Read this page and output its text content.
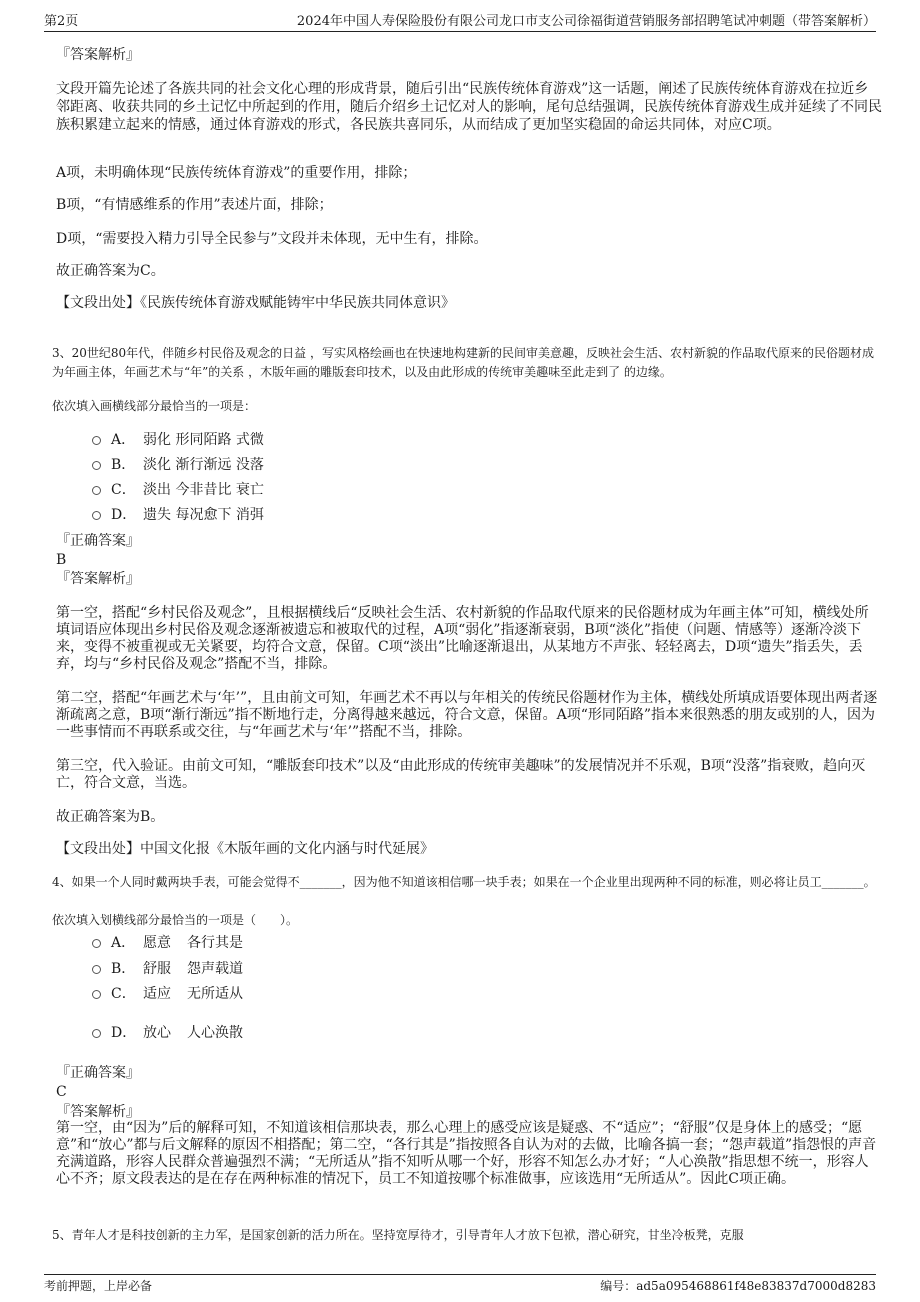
第2页	2024年中国人寿保险股份有限公司龙口市支公司徐福街道营销服务部招聘笔试冲刺题（带答案解析）
『答案解析』
文段开篇先论述了各族共同的社会文化心理的形成背景，随后引出“民族传统体育游戏”这一话题，阐述了民族传统体育游戏在拉近乡邻距离、收获共同的乡土记忆中所起到的作用，随后介绍乡土记忆对人的影响，尾句总结强调，民族传统体育游戏生成并延续了不同民族积累建立起来的情感，通过体育游戏的形式，各民族共喜同乐，从而结成了更加坚实稳固的命运共同体，对应C项。
A项，未明确体现“民族传统体育游戏”的重要作用，排除；
B项，“有情感维系的作用”表述片面，排除；
D项，“需要投入精力引导全民参与”文段并未体现，无中生有，排除。
故正确答案为C。
【文段出处】《民族传统体育游戏赋能铸牢中华民族共同体意识》
3、20世纪80年代，伴随乡村民俗及观念的日益 ，写实风格绘画也在快速地构建新的民间审美意趣，反映社会生活、农村新貌的作品取代原来的民俗题材成为年画主体，年画艺术与“年”的关系 ，木版年画的雕版套印技术，以及由此形成的传统审美趣味至此走到了 的边缘。
依次填入画横线部分最恰当的一项是：
A． 弱化 形同陌路 式微
B． 淡化 渐行渐远 没落
C． 淡出 今非昔比 衰亡
D． 遗失 每况愈下 消弭
『正确答案』
B
『答案解析』
第一空，搭配“乡村民俗及观念”，且根据横线后“反映社会生活、农村新貌的作品取代原来的民俗题材成为年画主体”可知，横线处所填词语应体现出乡村民俗及观念逐渐被遗忘和被取代的过程，A项“弱化”指逐渐衰弱，B项“淡化”指使（问题、情感等）逐渐冷淡下来，变得不被重视或无关紧要，均符合文意，保留。C项“淡出”比喻逐渐退出，从某地方不声张、轻轻离去，D项“遗失”指丢失，丢弃，均与“乡村民俗及观念”搭配不当，排除。
第二空，搭配“年画艺术与‘年’”，且由前文可知，年画艺术不再以与年相关的传统民俗题材作为主体，横线处所填成语要体现出两者逐渐疏离之意，B项“渐行渐远”指不断地行走，分离得越来越远，符合文意，保留。A项“形同陌路”指本来很熟悉的朋友或别的人，因为一些事情而不再联系或交往，与“年画艺术与‘年’”搭配不当，排除。
第三空，代入验证。由前文可知，“雕版套印技术”以及“由此形成的传统审美趣味”的发展情况并不乐观，B项“没落”指衰败，趋向灭亡，符合文意，当选。
故正确答案为B。
【文段出处】中国文化报《木版年画的文化内涵与时代延展》
4、如果一个人同时戴两块手表，可能会觉得不_______，因为他不知道该相信哪一块手表；如果在一个企业里出现两种不同的标准，则必将让员工_______。
依次填入划横线部分最恰当的一项是（　　）。
A． 愿意	各行其是
B． 舒服	怨声载道
C． 适应	无所适从
D． 放心	人心涣散
『正确答案』
C
『答案解析』
第一空，由“因为”后的解释可知，不知道该相信那块表，那么心理上的感受应该是疑惑、不“适应”；“舒服”仅是身体上的感受；“愿意”和“放心”都与后文解释的原因不相搭配；第二空，“各行其是”指按照各自认为对的去做，比喻各搞一套；“怨声载道”指怨恨的声音充满道路，形容人民群众普遍强烈不满；“无所适从”指不知听从哪一个好，形容不知怎么办才好；“人心涣散”指思想不统一，形容人心不齐；原文段表达的是在存在两种标准的情况下，员工不知道按哪个标准做事，应该选用“无所适从”。因此C项正确。
5、青年人才是科技创新的主力军，是国家创新的活力所在。坚持宽厚待才，引导青年人才放下包袱，潜心研究，甘坐冷板凳，克服
考前押题，上岸必备	编号：ad5a095468861f48e83837d7000d8283
